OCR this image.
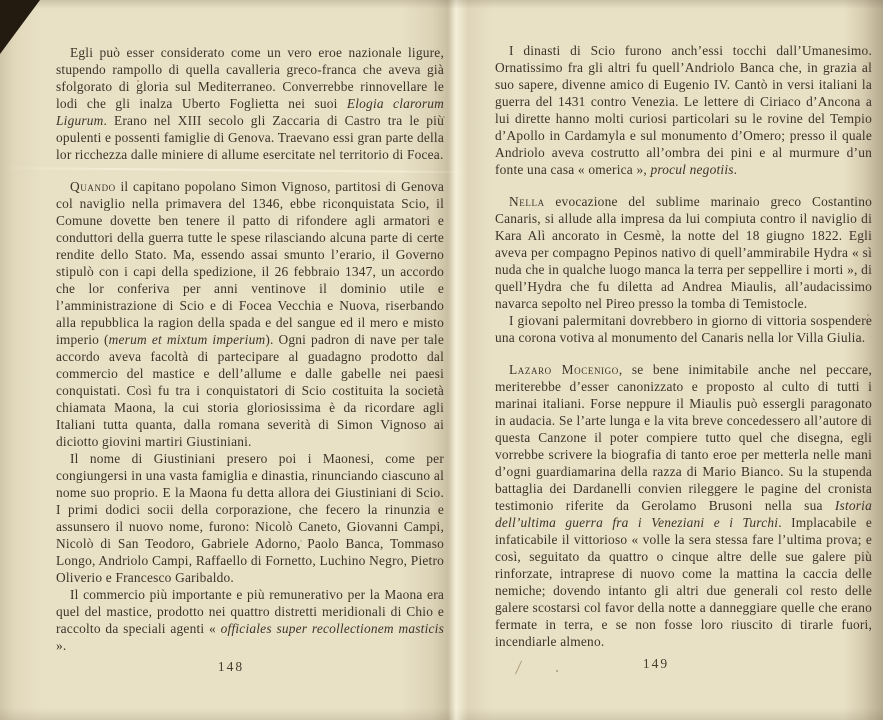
Egli può esser considerato come un vero eroe nazionale ligure, stupendo rampollo di quella cavalleria greco-franca che aveva già sfolgorato di gloria sul Mediterraneo. Converrebbe rinnovellare le lodi che gli inalza Uberto Foglietta nei suoi Elogia clarorum Ligurum. Erano nel XIII secolo gli Zaccaria di Castro tra le più opulenti e possenti famiglie di Genova. Traevano essi gran parte della lor ricchezza dalle miniere di allume esercitate nel territorio di Focea.

Quando il capitano popolano Simon Vignoso, partitosi di Genova col naviglio nella primavera del 1346, ebbe riconquistata Scio, il Comune dovette ben tenere il patto di rifondere agli armatori e conduttori della guerra tutte le spese rilasciando alcuna parte di certe rendite dello Stato. Ma, essendo assai smunto l’erario, il Governo stipulò con i capi della spedizione, il 26 febbraio 1347, un accordo che lor conferiva per anni ventinove il dominio utile e l’amministrazione di Scio e di Focea Vecchia e Nuova, riserbando alla repubblica la ragion della spada e del sangue ed il mero e misto imperio (merum et mixtum imperium). Ogni padron di nave per tale accordo aveva facoltà di partecipare al guadagno prodotto dal commercio del mastice e dell’allume e dalle gabelle nei paesi conquistati. Così fu tra i conquistatori di Scio costituita la società chiamata Maona, la cui storia gloriosissima è da ricordare agli Italiani tutta quanta, dalla romana severità di Simon Vignoso ai diciotto giovini martiri Giustiniani.

Il nome di Giustiniani presero poi i Maonesi, come per congiungersi in una vasta famiglia e dinastia, rinunciando ciascuno al nome suo proprio. E la Maona fu detta allora dei Giustiniani di Scio. I primi dodici socii della corporazione, che fecero la rinunzia e assunsero il nuovo nome, furono: Nicolò Caneto, Giovanni Campi, Nicolò di San Teodoro, Gabriele Adorno, Paolo Banca, Tommaso Longo, Andriolo Campi, Raffaello di Fornetto, Luchino Negro, Pietro Oliverio e Francesco Garibaldo.

Il commercio più importante e più remunerativo per la Maona era quel del mastice, prodotto nei quattro distretti meridionali di Chio e raccolto da speciali agenti « officiales super recollectionem masticis ».

I dinasti di Scio furono anch’essi tocchi dall’Umanesimo. Ornatissimo fra gli altri fu quell’Andriolo Banca che, in grazia al suo sapere, divenne amico di Eugenio IV. Cantò in versi italiani la guerra del 1431 contro Venezia. Le lettere di Ciriaco d’Ancona a lui dirette hanno molti curiosi particolari su le rovine del Tempio d’Apollo in Cardamyla e sul monumento d’Omero; presso il quale Andriolo aveva costrutto all’ombra dei pini e al murmure d’un fonte una casa « omerica », procul negotiis.

Nella evocazione del sublime marinaio greco Costantino Canaris, si allude alla impresa da lui compiuta contro il naviglio di Kara Alì ancorato in Cesmè, la notte del 18 giugno 1822. Egli aveva per compagno Pepinos nativo di quell’ammirabile Hydra « sì nuda che in qualche luogo manca la terra per seppellire i morti », di quell’Hydra che fu diletta ad Andrea Miaulis, all’audacissimo navarca sepolto nel Pireo presso la tomba di Temistocle.

I giovani palermitani dovrebbero in giorno di vittoria sospendere una corona votiva al monumento del Canaris nella lor Villa Giulia.

Lazaro Mocenigo, se bene inimitabile anche nel peccare, meriterebbe d’esser canonizzato e proposto al culto di tutti i marinai italiani. Forse neppure il Miaulis può essergli paragonato in audacia. Se l’arte lunga e la vita breve concedessero all’autore di questa Canzone il poter compiere tutto quel che disegna, egli vorrebbe scrivere la biografia di tanto eroe per metterla nelle mani d’ogni guardiamarina della razza di Mario Bianco. Su la stupenda battaglia dei Dardanelli convien rileggere le pagine del cronista testimonio riferite da Gerolamo Brusoni nella sua Istoria dell’ultima guerra fra i Veneziani e i Turchi. Implacabile e infaticabile il vittorioso « volle la sera stessa fare l’ultima prova; e così, seguitato da quattro o cinque altre delle sue galere più rinforzate, intraprese di nuovo come la mattina la caccia delle nemiche; dovendo intanto gli altri due generali col resto delle galere scostarsi col favor della notte a danneggiare quelle che erano fermate in terra, e se non fosse loro riuscito di tirarle fuori, incendiarle almeno.

148	149
